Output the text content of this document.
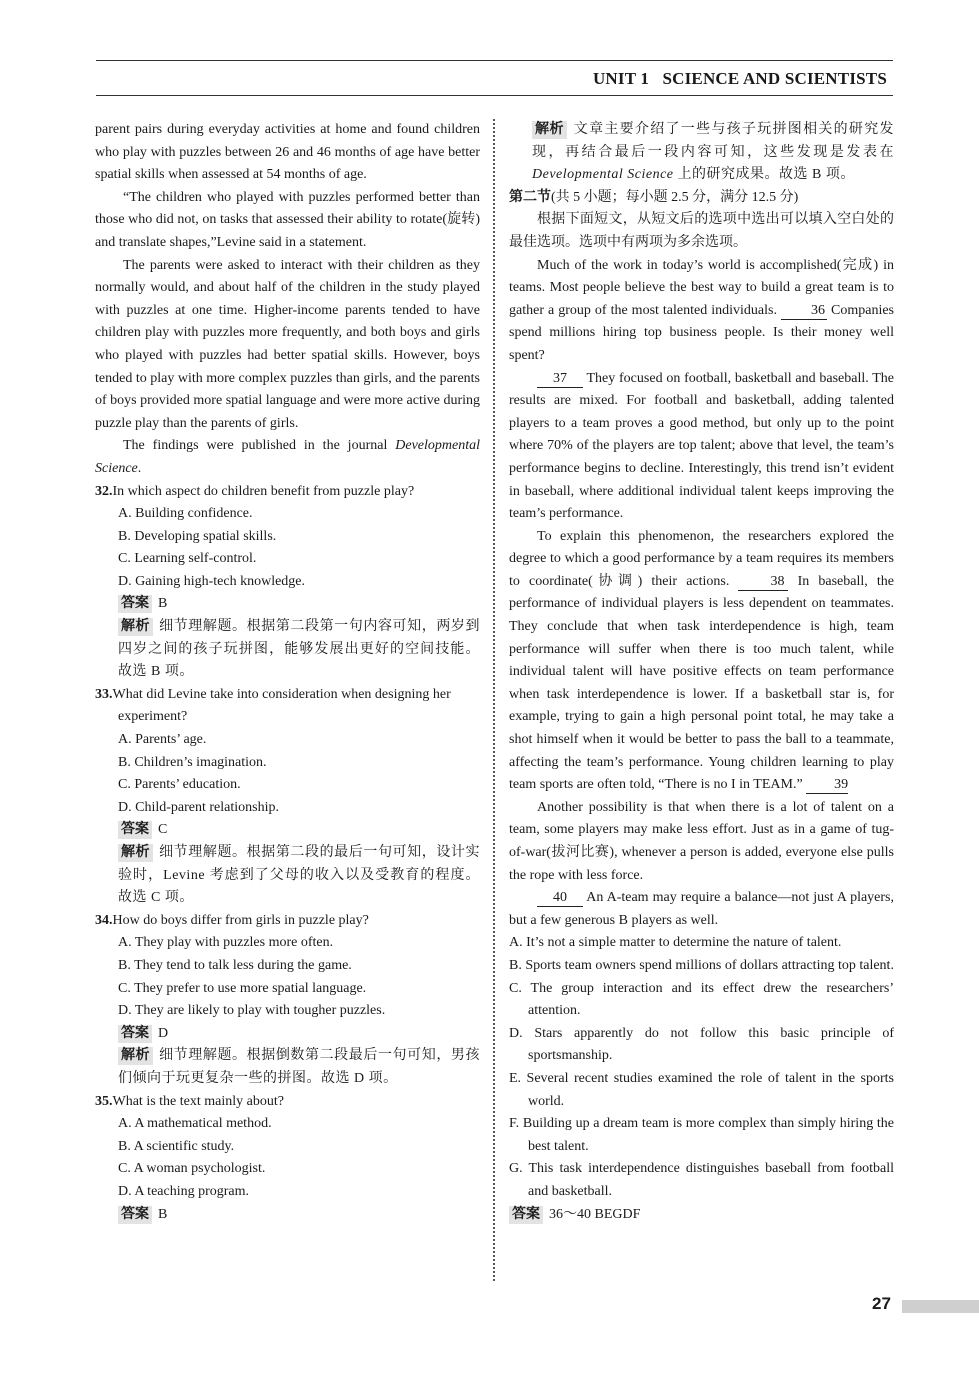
UNIT 1   SCIENCE AND SCIENTISTS

parent pairs during everyday activities at home and found children who play with puzzles between 26 and 46 months of age have better spatial skills when assessed at 54 months of age.

“The children who played with puzzles performed better than those who did not, on tasks that assessed their ability to rotate(旋转) and translate shapes,”Levine said in a statement.

The parents were asked to interact with their children as they normally would, and about half of the children in the study played with puzzles at one time. Higher-income parents tended to have children play with puzzles more frequently, and both boys and girls who played with puzzles had better spatial skills. However, boys tended to play with more complex puzzles than girls, and the parents of boys provided more spatial language and were more active during puzzle play than the parents of girls.

The findings were published in the journal Developmental Science.

32.In which aspect do children benefit from puzzle play?

A. Building confidence.

B. Developing spatial skills.

C. Learning self-control.

D. Gaining high-tech knowledge.

答案 B

解析 细节理解题。根据第二段第一句内容可知，两岁到四岁之间的孩子玩拼图，能够发展出更好的空间技能。故选 B 项。

33.What did Levine take into consideration when designing her experiment?

A. Parents’ age.

B. Children’s imagination.

C. Parents’ education.

D. Child-parent relationship.

答案 C

解析 细节理解题。根据第二段的最后一句可知，设计实验时，Levine 考虑到了父母的收入以及受教育的程度。故选 C 项。

34.How do boys differ from girls in puzzle play?

A. They play with puzzles more often.

B. They tend to talk less during the game.

C. They prefer to use more spatial language.

D. They are likely to play with tougher puzzles.

答案 D

解析 细节理解题。根据倒数第二段最后一句可知，男孩们倾向于玩更复杂一些的拼图。故选 D 项。

35.What is the text mainly about?

A. A mathematical method.

B. A scientific study.

C. A woman psychologist.

D. A teaching program.

答案 B

解析 文章主要介绍了一些与孩子玩拼图相关的研究发现，再结合最后一段内容可知，这些发现是发表在 Developmental Science 上的研究成果。故选 B 项。

第二节(共 5 小题；每小题 2.5 分，满分 12.5 分)

根据下面短文，从短文后的选项中选出可以填入空白处的最佳选项。选项中有两项为多余选项。

Much of the work in today’s world is accomplished(完成) in teams. Most people believe the best way to build a great team is to gather a group of the most talented individuals. 36 Companies spend millions hiring top business people. Is their money well spent?

37 They focused on football, basketball and baseball. The results are mixed. For football and basketball, adding talented players to a team proves a good method, but only up to the point where 70% of the players are top talent; above that level, the team’s performance begins to decline. Interestingly, this trend isn’t evident in baseball, where additional individual talent keeps improving the team’s performance.

To explain this phenomenon, the researchers explored the degree to which a good performance by a team requires its members to coordinate(协调) their actions. 38 In baseball, the performance of individual players is less dependent on teammates. They conclude that when task interdependence is high, team performance will suffer when there is too much talent, while individual talent will have positive effects on team performance when task interdependence is lower. If a basketball star is, for example, trying to gain a high personal point total, he may take a shot himself when it would be better to pass the ball to a teammate, affecting the team’s performance. Young children learning to play team sports are often told, “There is no I in TEAM.” 39

Another possibility is that when there is a lot of talent on a team, some players may make less effort. Just as in a game of tug-of-war(拔河比赛), whenever a person is added, everyone else pulls the rope with less force.

40 An A-team may require a balance—not just A players, but a few generous B players as well.

A. It’s not a simple matter to determine the nature of talent.

B. Sports team owners spend millions of dollars attracting top talent.

C. The group interaction and its effect drew the researchers’ attention.

D. Stars apparently do not follow this basic principle of sportsmanship.

E. Several recent studies examined the role of talent in the sports world.

F. Building up a dream team is more complex than simply hiring the best talent.

G. This task interdependence distinguishes baseball from football and basketball.

答案 36～40 BEGDF

27
